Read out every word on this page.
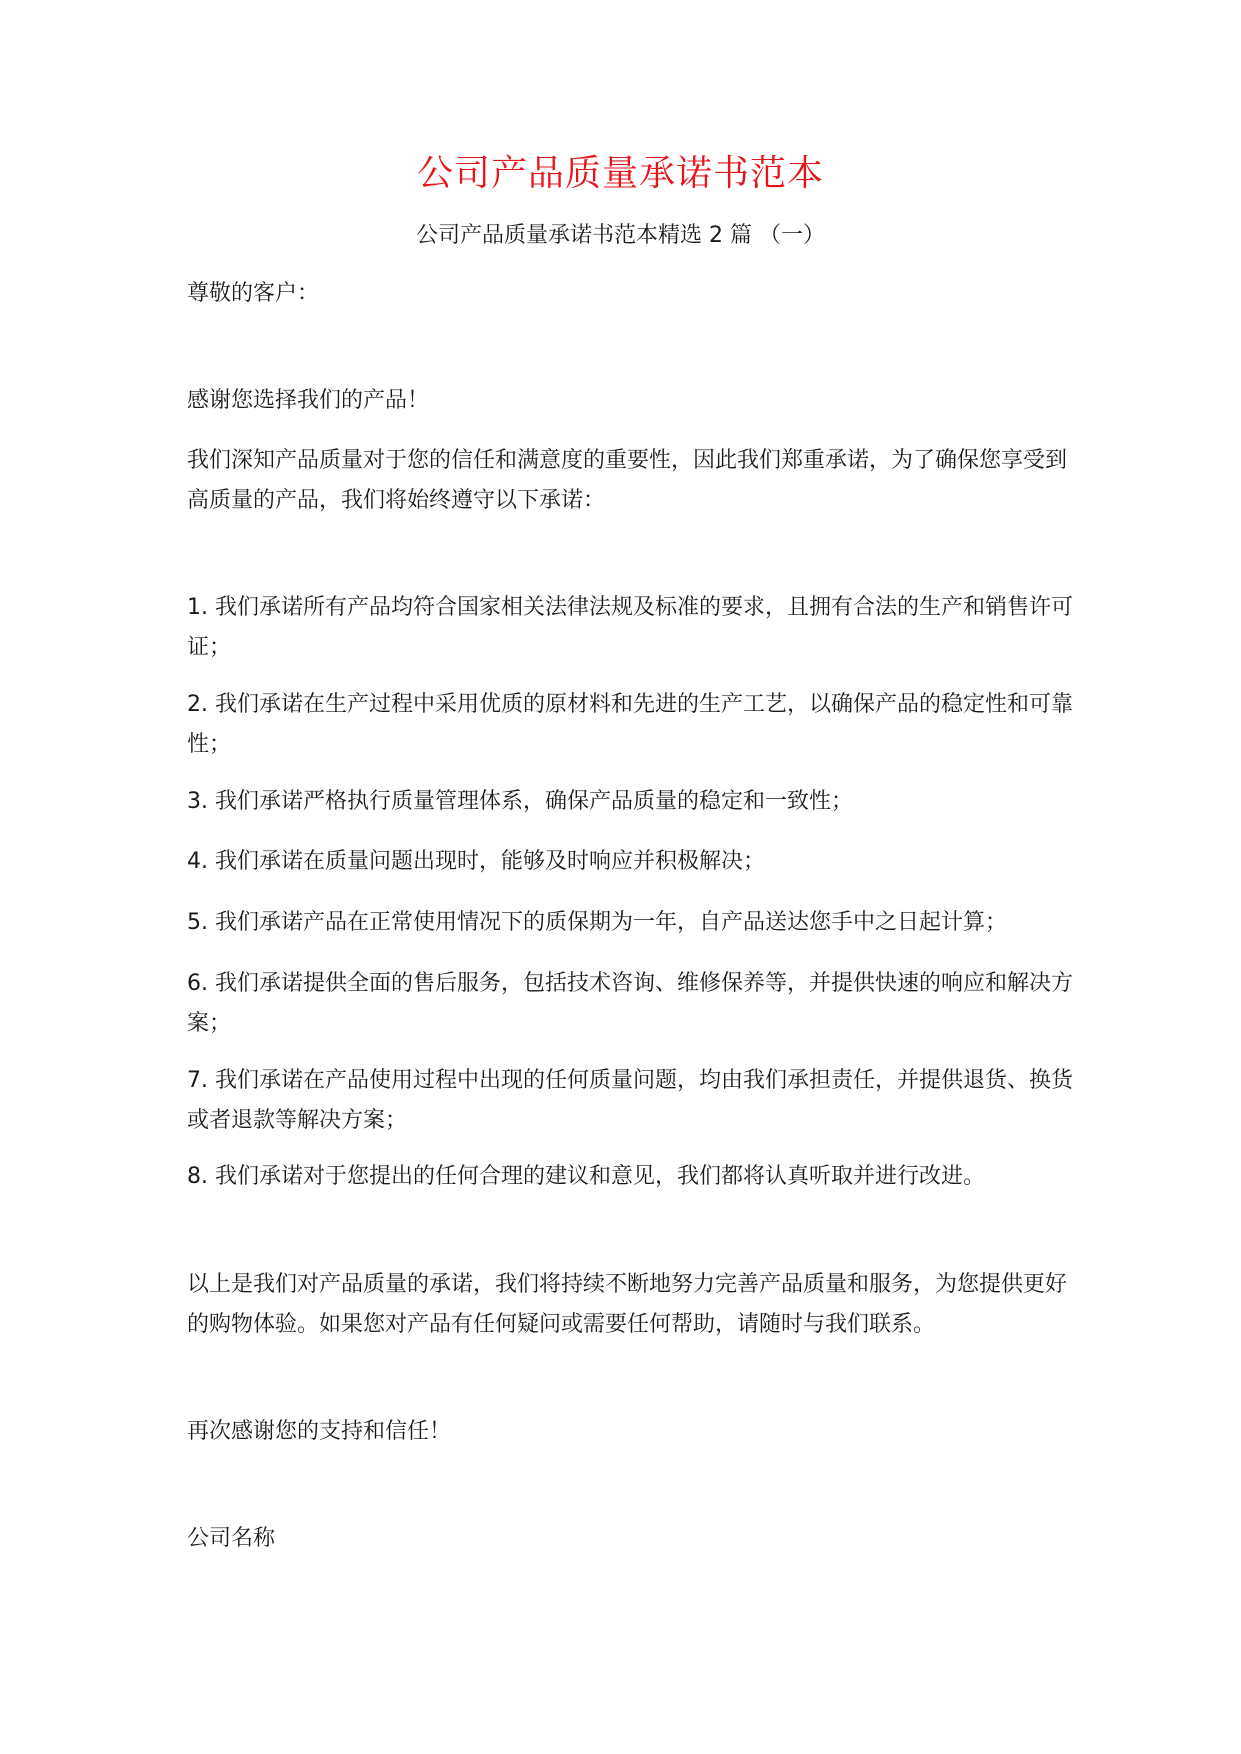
公司产品质量承诺书范本

公司产品质量承诺书范本精选 2 篇 （一）

尊敬的客户：

感谢您选择我们的产品！

我们深知产品质量对于您的信任和满意度的重要性，因此我们郑重承诺，为了确保您享受到高质量的产品，我们将始终遵守以下承诺：

1. 我们承诺所有产品均符合国家相关法律法规及标准的要求，且拥有合法的生产和销售许可证；

2. 我们承诺在生产过程中采用优质的原材料和先进的生产工艺，以确保产品的稳定性和可靠性；

3. 我们承诺严格执行质量管理体系，确保产品质量的稳定和一致性；

4. 我们承诺在质量问题出现时，能够及时响应并积极解决；

5. 我们承诺产品在正常使用情况下的质保期为一年，自产品送达您手中之日起计算；

6. 我们承诺提供全面的售后服务，包括技术咨询、维修保养等，并提供快速的响应和解决方案；

7. 我们承诺在产品使用过程中出现的任何质量问题，均由我们承担责任，并提供退货、换货或者退款等解决方案；

8. 我们承诺对于您提出的任何合理的建议和意见，我们都将认真听取并进行改进。

以上是我们对产品质量的承诺，我们将持续不断地努力完善产品质量和服务，为您提供更好的购物体验。如果您对产品有任何疑问或需要任何帮助，请随时与我们联系。

再次感谢您的支持和信任！

公司名称
